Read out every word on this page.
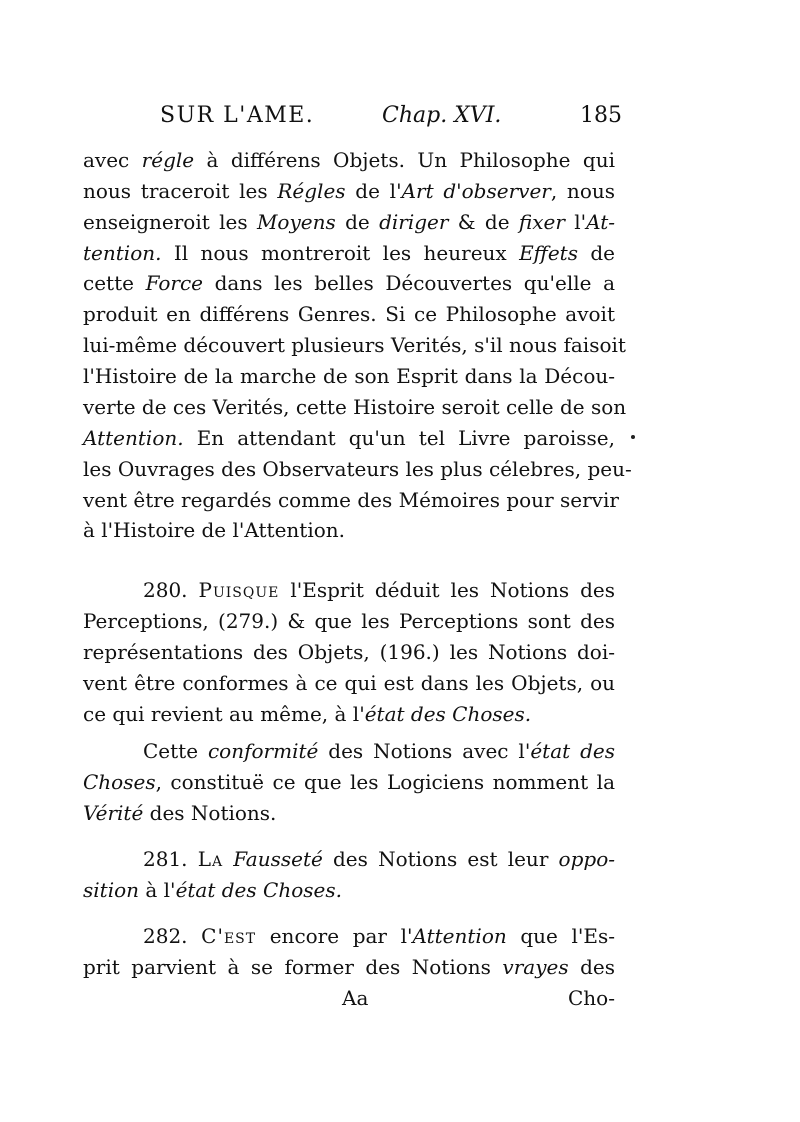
SUR L'AME.	Chap. XVI.	185
avec régle à différens Objets. Un Philosophe qui
nous traceroit les Régles de l'Art d'observer, nous
enseigneroit les Moyens de diriger & de fixer l'At-
tention. Il nous montreroit les heureux Effets de
cette Force dans les belles Découvertes qu'elle a
produit en différens Genres. Si ce Philosophe avoit
lui-même découvert plusieurs Verités, s'il nous faisoit
l'Histoire de la marche de son Esprit dans la Décou-
verte de ces Verités, cette Histoire seroit celle de son
Attention. En attendant qu'un tel Livre paroisse,
les Ouvrages des Observateurs les plus célebres, peu-
vent être regardés comme des Mémoires pour servir
à l'Histoire de l'Attention.
280. Puisque l'Esprit déduit les Notions des
Perceptions, (279.) & que les Perceptions sont des
représentations des Objets, (196.) les Notions doi-
vent être conformes à ce qui est dans les Objets, ou
ce qui revient au même, à l'état des Choses.
Cette conformité des Notions avec l'état des
Choses, constituë ce que les Logiciens nomment la
Vérité des Notions.
281. La Fausseté des Notions est leur oppo-
sition à l'état des Choses.
282. C'est encore par l'Attention que l'Es-
prit parvient à se former des Notions vrayes des
Aa	Cho-
